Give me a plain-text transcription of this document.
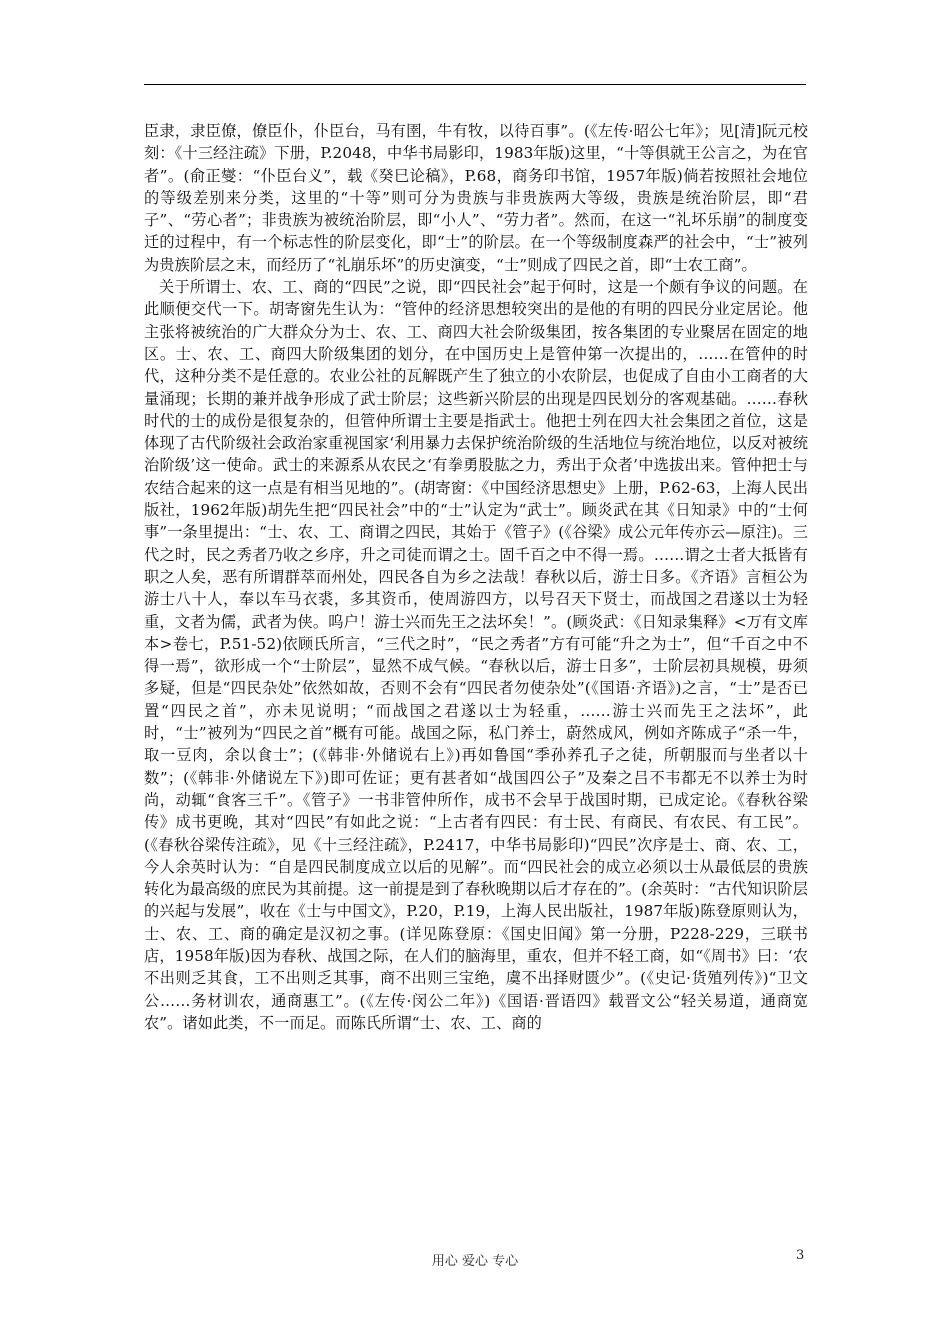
臣隶，隶臣僚，僚臣仆，仆臣台，马有圉，牛有牧，以待百事”。(《左传·昭公七年》；见[清]阮元校刻：《十三经注疏》下册，P.2048，中华书局影印，1983年版)这里，“十等俱就王公言之，为在官者”。(俞正燮：“仆臣台义”，载《癸巳论稿》，P.68，商务印书馆，1957年版)倘若按照社会地位的等级差别来分类，这里的“十等”则可分为贵族与非贵族两大等级，贵族是统治阶层，即“君子”、“劳心者”；非贵族为被统治阶层，即“小人”、“劳力者”。然而，在这一“礼坏乐崩”的制度变迁的过程中，有一个标志性的阶层变化，即“士”的阶层。在一个等级制度森严的社会中，“士”被列为贵族阶层之末，而经历了“礼崩乐坏”的历史演变，“士”则成了四民之首，即“士农工商”。

关于所谓士、农、工、商的“四民”之说，即“四民社会”起于何时，这是一个颇有争议的问题。在此顺便交代一下。胡寄窗先生认为：“管仲的经济思想较突出的是他的有明的四民分业定居论。他主张将被统治的广大群众分为士、农、工、商四大社会阶级集团，按各集团的专业聚居在固定的地区。士、农、工、商四大阶级集团的划分，在中国历史上是管仲第一次提出的，……在管仲的时代，这种分类不是任意的。农业公社的瓦解既产生了独立的小农阶层，也促成了自由小工商者的大量涌现；长期的兼并战争形成了武士阶层；这些新兴阶层的出现是四民划分的客观基础。……春秋时代的士的成份是很复杂的，但管仲所谓士主要是指武士。他把士列在四大社会集团之首位，这是体现了古代阶级社会政治家重视国家‘利用暴力去保护统治阶级的生活地位与统治地位，以反对被统治阶级’这一使命。武士的来源系从农民之‘有拳勇股肱之力，秀出于众者’中选拔出来。管仲把士与农结合起来的这一点是有相当见地的”。(胡寄窗：《中国经济思想史》上册，P.62-63，上海人民出版社，1962年版)胡先生把“四民社会”中的“士”认定为“武士”。顾炎武在其《日知录》中的“士何事”一条里提出：“士、农、工、商谓之四民，其始于《管子》(《谷梁》成公元年传亦云—原注)。三代之时，民之秀者乃收之乡序，升之司徒而谓之士。固千百之中不得一焉。……谓之士者大抵皆有职之人矣，恶有所谓群萃而州处，四民各自为乡之法哉！春秋以后，游士日多。《齐语》言桓公为游士八十人，奉以车马衣裘，多其资币，使周游四方，以号召天下贤士，而战国之君遂以士为轻重，文者为儒，武者为侠。呜户！游士兴而先王之法坏矣！”。(顾炎武：《日知录集释》<万有文库本>卷七，P.51-52)依顾氏所言，“三代之时”，“民之秀者”方有可能“升之为士”，但“千百之中不得一焉”，欲形成一个“士阶层”，显然不成气候。“春秋以后，游士日多”，士阶层初具规模，毋须多疑，但是“四民杂处”依然如故，否则不会有“四民者勿使杂处”(《国语·齐语》)之言，“士”是否已置“四民之首”，亦未见说明；“而战国之君遂以士为轻重，……游士兴而先王之法坏”，此时，“士”被列为“四民之首”概有可能。战国之际，私门养士，蔚然成风，例如齐陈成子“杀一牛，取一豆肉，余以食士”；(《韩非·外储说右上》)再如鲁国“季孙养孔子之徒，所朝服而与坐者以十数”；(《韩非·外储说左下》)即可佐证；更有甚者如“战国四公子”及秦之吕不韦都无不以养士为时尚，动辄“食客三千”。《管子》一书非管仲所作，成书不会早于战国时期，已成定论。《春秋谷梁传》成书更晚，其对“四民”有如此之说：“上古者有四民：有士民、有商民、有农民、有工民”。(《春秋谷梁传注疏》，见《十三经注疏》，P.2417，中华书局影印)“四民”次序是士、商、农、工，今人余英时认为：“自是四民制度成立以后的见解”。而“四民社会的成立必须以士从最低层的贵族转化为最高级的庶民为其前提。这一前提是到了春秋晚期以后才存在的”。(余英时：“古代知识阶层的兴起与发展”，收在《士与中国文》，P.20，P.19，上海人民出版社，1987年版)陈登原则认为，士、农、工、商的确定是汉初之事。(详见陈登原：《国史旧闻》第一分册，P228-229，三联书店，1958年版)因为春秋、战国之际，在人们的脑海里，重农，但并不轻工商，如“《周书》曰：‘农不出则乏其食，工不出则乏其事，商不出则三宝绝，虞不出择财匮少”。(《史记·货殖列传》)“卫文公……务材训农，通商惠工”。(《左传·闵公二年》)《国语·晋语四》载晋文公“轻关易道，通商宽农”。诸如此类，不一而足。而陈氏所谓“士、农、工、商的

用心 爱心 专心	3
